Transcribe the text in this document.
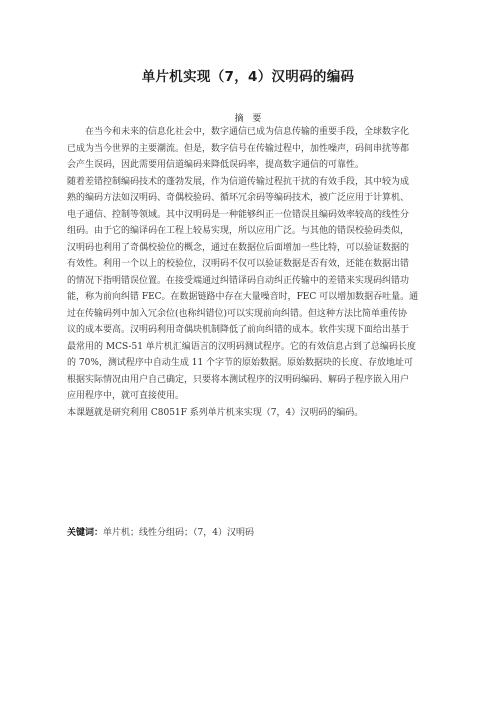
单片机实现（7，4）汉明码的编码
摘 要

　　在当今和未来的信息化社会中，数字通信已成为信息传输的重要手段，全球数字化

已成为当今世界的主要潮流。但是，数字信号在传输过程中，加性噪声，码间串扰等都

会产生误码，因此需要用信道编码来降低误码率，提高数字通信的可靠性。

随着差错控制编码技术的蓬勃发展，作为信道传输过程抗干扰的有效手段，其中较为成

熟的编码方法如汉明码、奇偶校验码、循环冗余码等编码技术，被广泛应用于计算机、

电子通信、控制等领域。其中汉明码是一种能够纠正一位错误且编码效率较高的线性分

组码。由于它的编译码在工程上较易实现，所以应用广泛。与其他的错误校验码类似，

汉明码也利用了奇偶校验位的概念，通过在数据位后面增加一些比特，可以验证数据的

有效性。利用一个以上的校验位，汉明码不仅可以验证数据是否有效，还能在数据出错

的情况下指明错误位置。在接受端通过纠错译码自动纠正传输中的差错来实现码纠错功

能，称为前向纠错 FEC。在数据链路中存在大量噪音时，FEC 可以增加数据吞吐量。通

过在传输码列中加入冗余位(也称纠错位)可以实现前向纠错。但这种方法比简单重传协

议的成本要高。汉明码利用奇偶块机制降低了前向纠错的成本。软件实现下面给出基于

最常用的 MCS-51 单片机汇编语言的汉明码测试程序。它的有效信息占到了总编码长度

的 70%，测试程序中自动生成 11 个字节的原始数据。原始数据块的长度、存放地址可

根据实际情况由用户自己确定，只要将本测试程序的汉明码编码、解码子程序嵌入用户

应用程序中，就可直接使用。

本课题就是研究利用 C8051F 系列单片机来实现（7，4）汉明码的编码。

关键词：单片机；线性分组码；（7，4）汉明码
